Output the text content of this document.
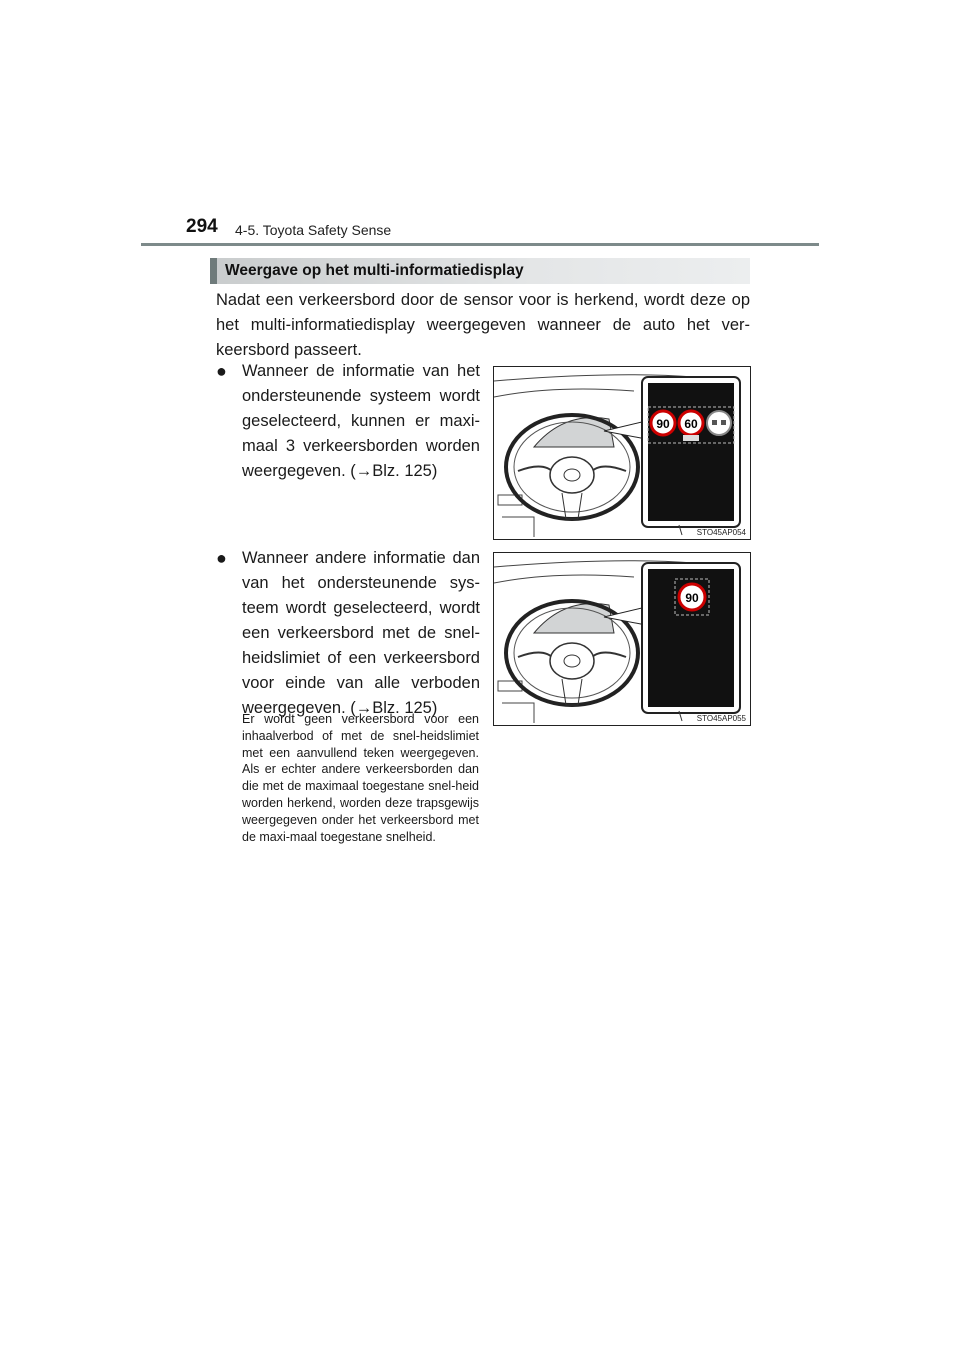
294 4-5. Toyota Safety Sense
Weergave op het multi-informatiedisplay
Nadat een verkeersbord door de sensor voor is herkend, wordt deze op het multi-informatiedisplay weergegeven wanneer de auto het ver-keersbord passeert.
● Wanneer de informatie van het ondersteunende systeem wordt geselecteerd, kunnen er maxi-maal 3 verkeersborden worden weergegeven. (→Blz. 125)
● Wanneer andere informatie dan van het ondersteunende sys-teem wordt geselecteerd, wordt een verkeersbord met de snel-heidslimiet of een verkeersbord voor einde van alle verboden weergegeven. (→Blz. 125)
Er wordt geen verkeersbord voor een inhaalverbod of met de snel-heidslimiet met een aanvullend teken weergegeven. Als er echter andere verkeersborden dan die met de maximaal toegestane snel-heid worden herkend, worden deze trapsgewijs weergegeven onder het verkeersbord met de maxi-maal toegestane snelheid.
90 60
STO45AP054
90
STO45AP055
